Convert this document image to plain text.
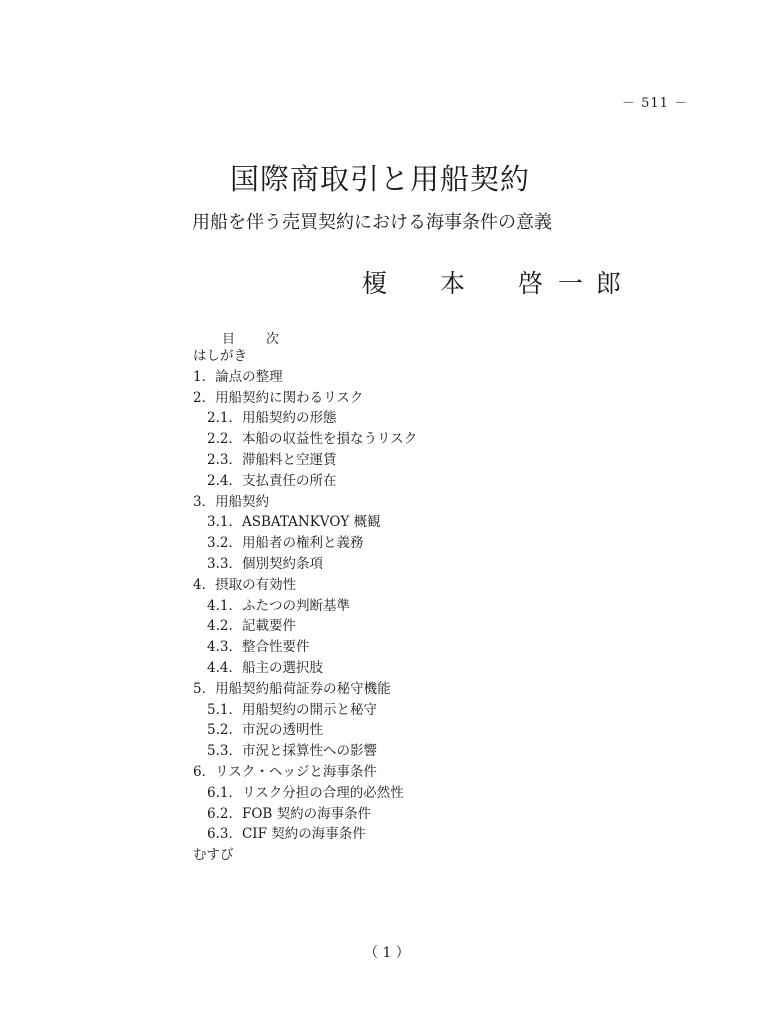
－ 511 －
国際商取引と用船契約
用船を伴う売買契約における海事条件の意義
榎 本 啓 一 郎
目 次
はしがき
1．論点の整理
2．用船契約に関わるリスク
2.1．用船契約の形態
2.2．本船の収益性を損なうリスク
2.3．滞船料と空運賃
2.4．支払責任の所在
3．用船契約
3.1．ASBATANKVOY 概観
3.2．用船者の権利と義務
3.3．個別契約条項
4．摂取の有効性
4.1．ふたつの判断基準
4.2．記載要件
4.3．整合性要件
4.4．船主の選択肢
5．用船契約船荷証券の秘守機能
5.1．用船契約の開示と秘守
5.2．市況の透明性
5.3．市況と採算性への影響
6．リスク・ヘッジと海事条件
6.1．リスク分担の合理的必然性
6.2．FOB 契約の海事条件
6.3．CIF 契約の海事条件
むすび
（ 1 ）
